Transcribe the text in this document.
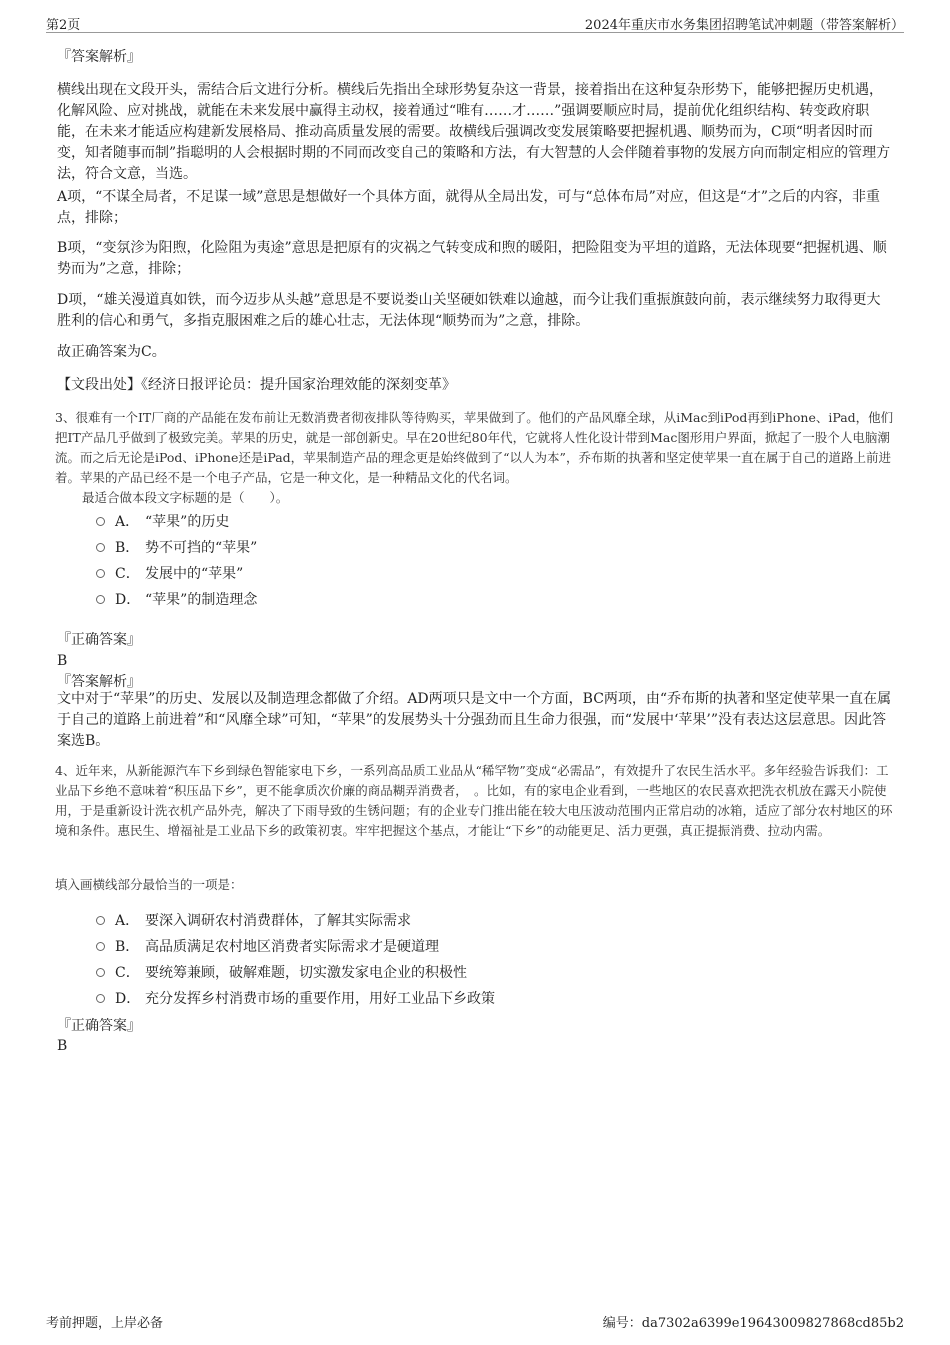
第2页	2024年重庆市水务集团招聘笔试冲刺题（带答案解析）
『答案解析』
横线出现在文段开头，需结合后文进行分析。横线后先指出全球形势复杂这一背景，接着指出在这种复杂形势下，能够把握历史机遇，化解风险、应对挑战，就能在未来发展中赢得主动权，接着通过“唯有……才……”强调要顺应时局，提前优化组织结构、转变政府职能，在未来才能适应构建新发展格局、推动高质量发展的需要。故横线后强调改变发展策略要把握机遇、顺势而为，C项“明者因时而变，知者随事而制”指聪明的人会根据时期的不同而改变自己的策略和方法，有大智慧的人会伴随着事物的发展方向而制定相应的管理方法，符合文意，当选。
A项，“不谋全局者，不足谋一域”意思是想做好一个具体方面，就得从全局出发，可与“总体布局”对应，但这是“才”之后的内容，非重点，排除；
B项，“变氛沴为阳煦，化险阻为夷途”意思是把原有的灾祸之气转变成和煦的暖阳，把险阻变为平坦的道路，无法体现要“把握机遇、顺势而为”之意，排除；
D项，“雄关漫道真如铁，而今迈步从头越”意思是不要说娄山关坚硬如铁难以逾越，而今让我们重振旗鼓向前，表示继续努力取得更大胜利的信心和勇气，多指克服困难之后的雄心壮志，无法体现“顺势而为”之意，排除。
故正确答案为C。
【文段出处】《经济日报评论员：提升国家治理效能的深刻变革》
3、很难有一个IT厂商的产品能在发布前让无数消费者彻夜排队等待购买，苹果做到了。他们的产品风靡全球，从iMac到iPod再到iPhone、iPad，他们把IT产品几乎做到了极致完美。苹果的历史，就是一部创新史。早在20世纪80年代，它就将人性化设计带到Mac图形用户界面，掀起了一股个人电脑潮流。而之后无论是iPod、iPhone还是iPad，苹果制造产品的理念更是始终做到了“以人为本”，乔布斯的执著和坚定使苹果一直在属于自己的道路上前进着。苹果的产品已经不是一个电子产品，它是一种文化，是一种精品文化的代名词。
最适合做本段文字标题的是（　　）。
A． “苹果”的历史
B． 势不可挡的“苹果”
C． 发展中的“苹果”
D． “苹果”的制造理念
『正确答案』
B
『答案解析』
文中对于“苹果”的历史、发展以及制造理念都做了介绍。AD两项只是文中一个方面，BC两项，由“乔布斯的执著和坚定使苹果一直在属于自己的道路上前进着”和“风靡全球”可知，“苹果”的发展势头十分强劲而且生命力很强，而“发展中‘苹果’”没有表达这层意思。因此答案选B。
4、近年来，从新能源汽车下乡到绿色智能家电下乡，一系列高品质工业品从“稀罕物”变成“必需品”，有效提升了农民生活水平。多年经验告诉我们：工业品下乡绝不意味着“积压品下乡”，更不能拿质次价廉的商品糊弄消费者，　。比如，有的家电企业看到，一些地区的农民喜欢把洗衣机放在露天小院使用，于是重新设计洗衣机产品外壳，解决了下雨导致的生锈问题；有的企业专门推出能在较大电压波动范围内正常启动的冰箱，适应了部分农村地区的环境和条件。惠民生、增福祉是工业品下乡的政策初衷。牢牢把握这个基点，才能让“下乡”的动能更足、活力更强，真正提振消费、拉动内需。
填入画横线部分最恰当的一项是：
A． 要深入调研农村消费群体，了解其实际需求
B． 高品质满足农村地区消费者实际需求才是硬道理
C． 要统筹兼顾，破解难题，切实激发家电企业的积极性
D． 充分发挥乡村消费市场的重要作用，用好工业品下乡政策
『正确答案』
B
考前押题，上岸必备	编号：da7302a6399e19643009827868cd85b2
